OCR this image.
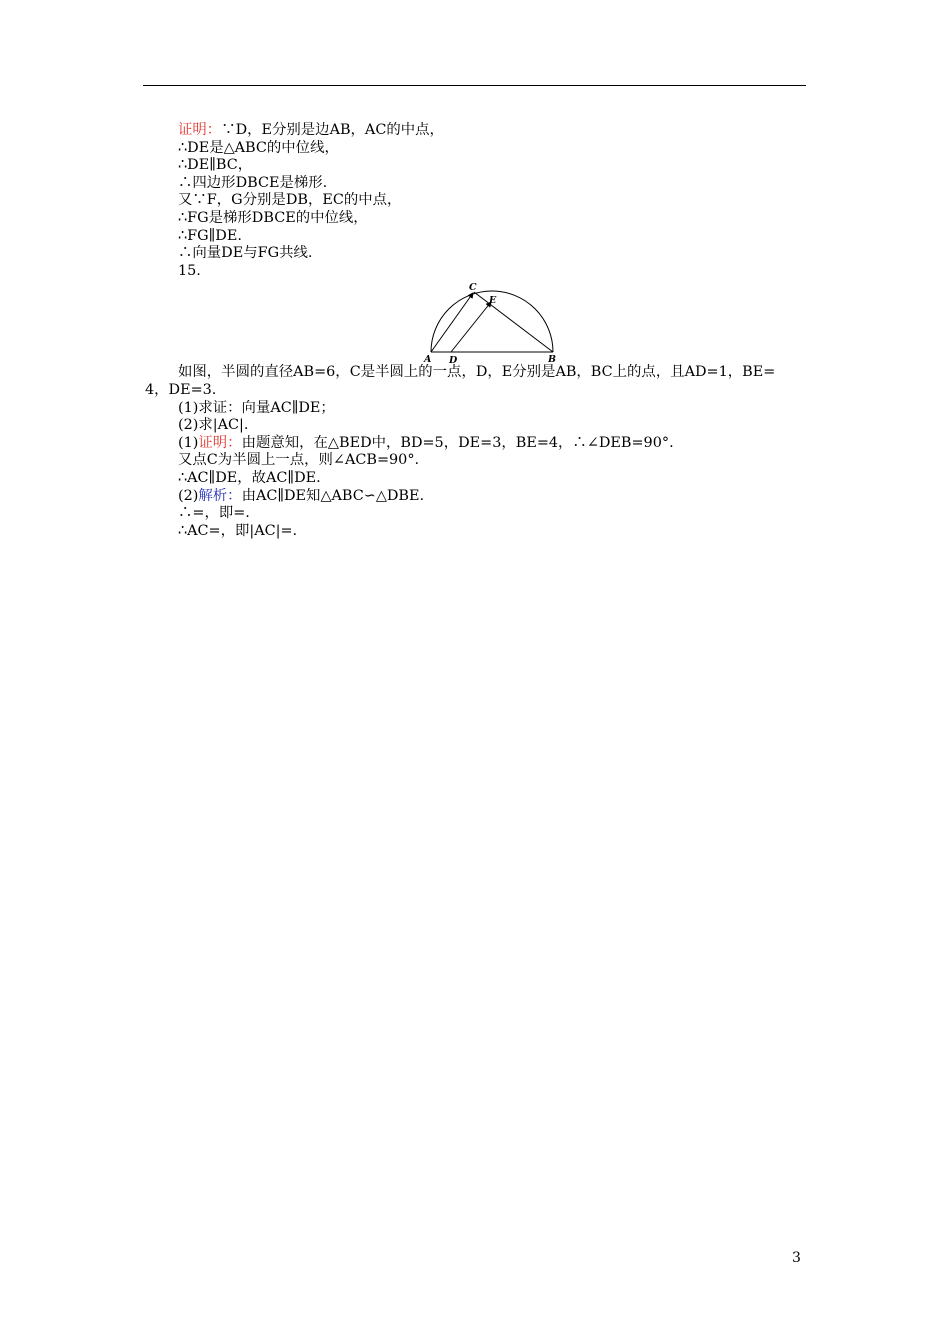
证明：∵D，E分别是边AB，AC的中点，
∴DE是△ABC的中位线，
∴DE∥BC，
∴四边形DBCE是梯形.
又∵F，G分别是DB，EC的中点，
∴FG是梯形DBCE的中位线，
∴FG∥DE.
∴向量DE与FG共线.
15.
C
E
A D	B
如图，半圆的直径AB=6，C是半圆上的一点，D，E分别是AB，BC上的点，且AD=1，BE=
4，DE=3.
(1)求证：向量AC∥DE；
(2)求|AC|.
(1)证明：由题意知，在△BED中，BD=5，DE=3，BE=4，∴∠DEB=90°.
又点C为半圆上一点，则∠ACB=90°.
∴AC∥DE，故AC∥DE.
(2)解析：由AC∥DE知△ABC∽△DBE.
∴=，即=.
∴AC=，即|AC|=.
3
